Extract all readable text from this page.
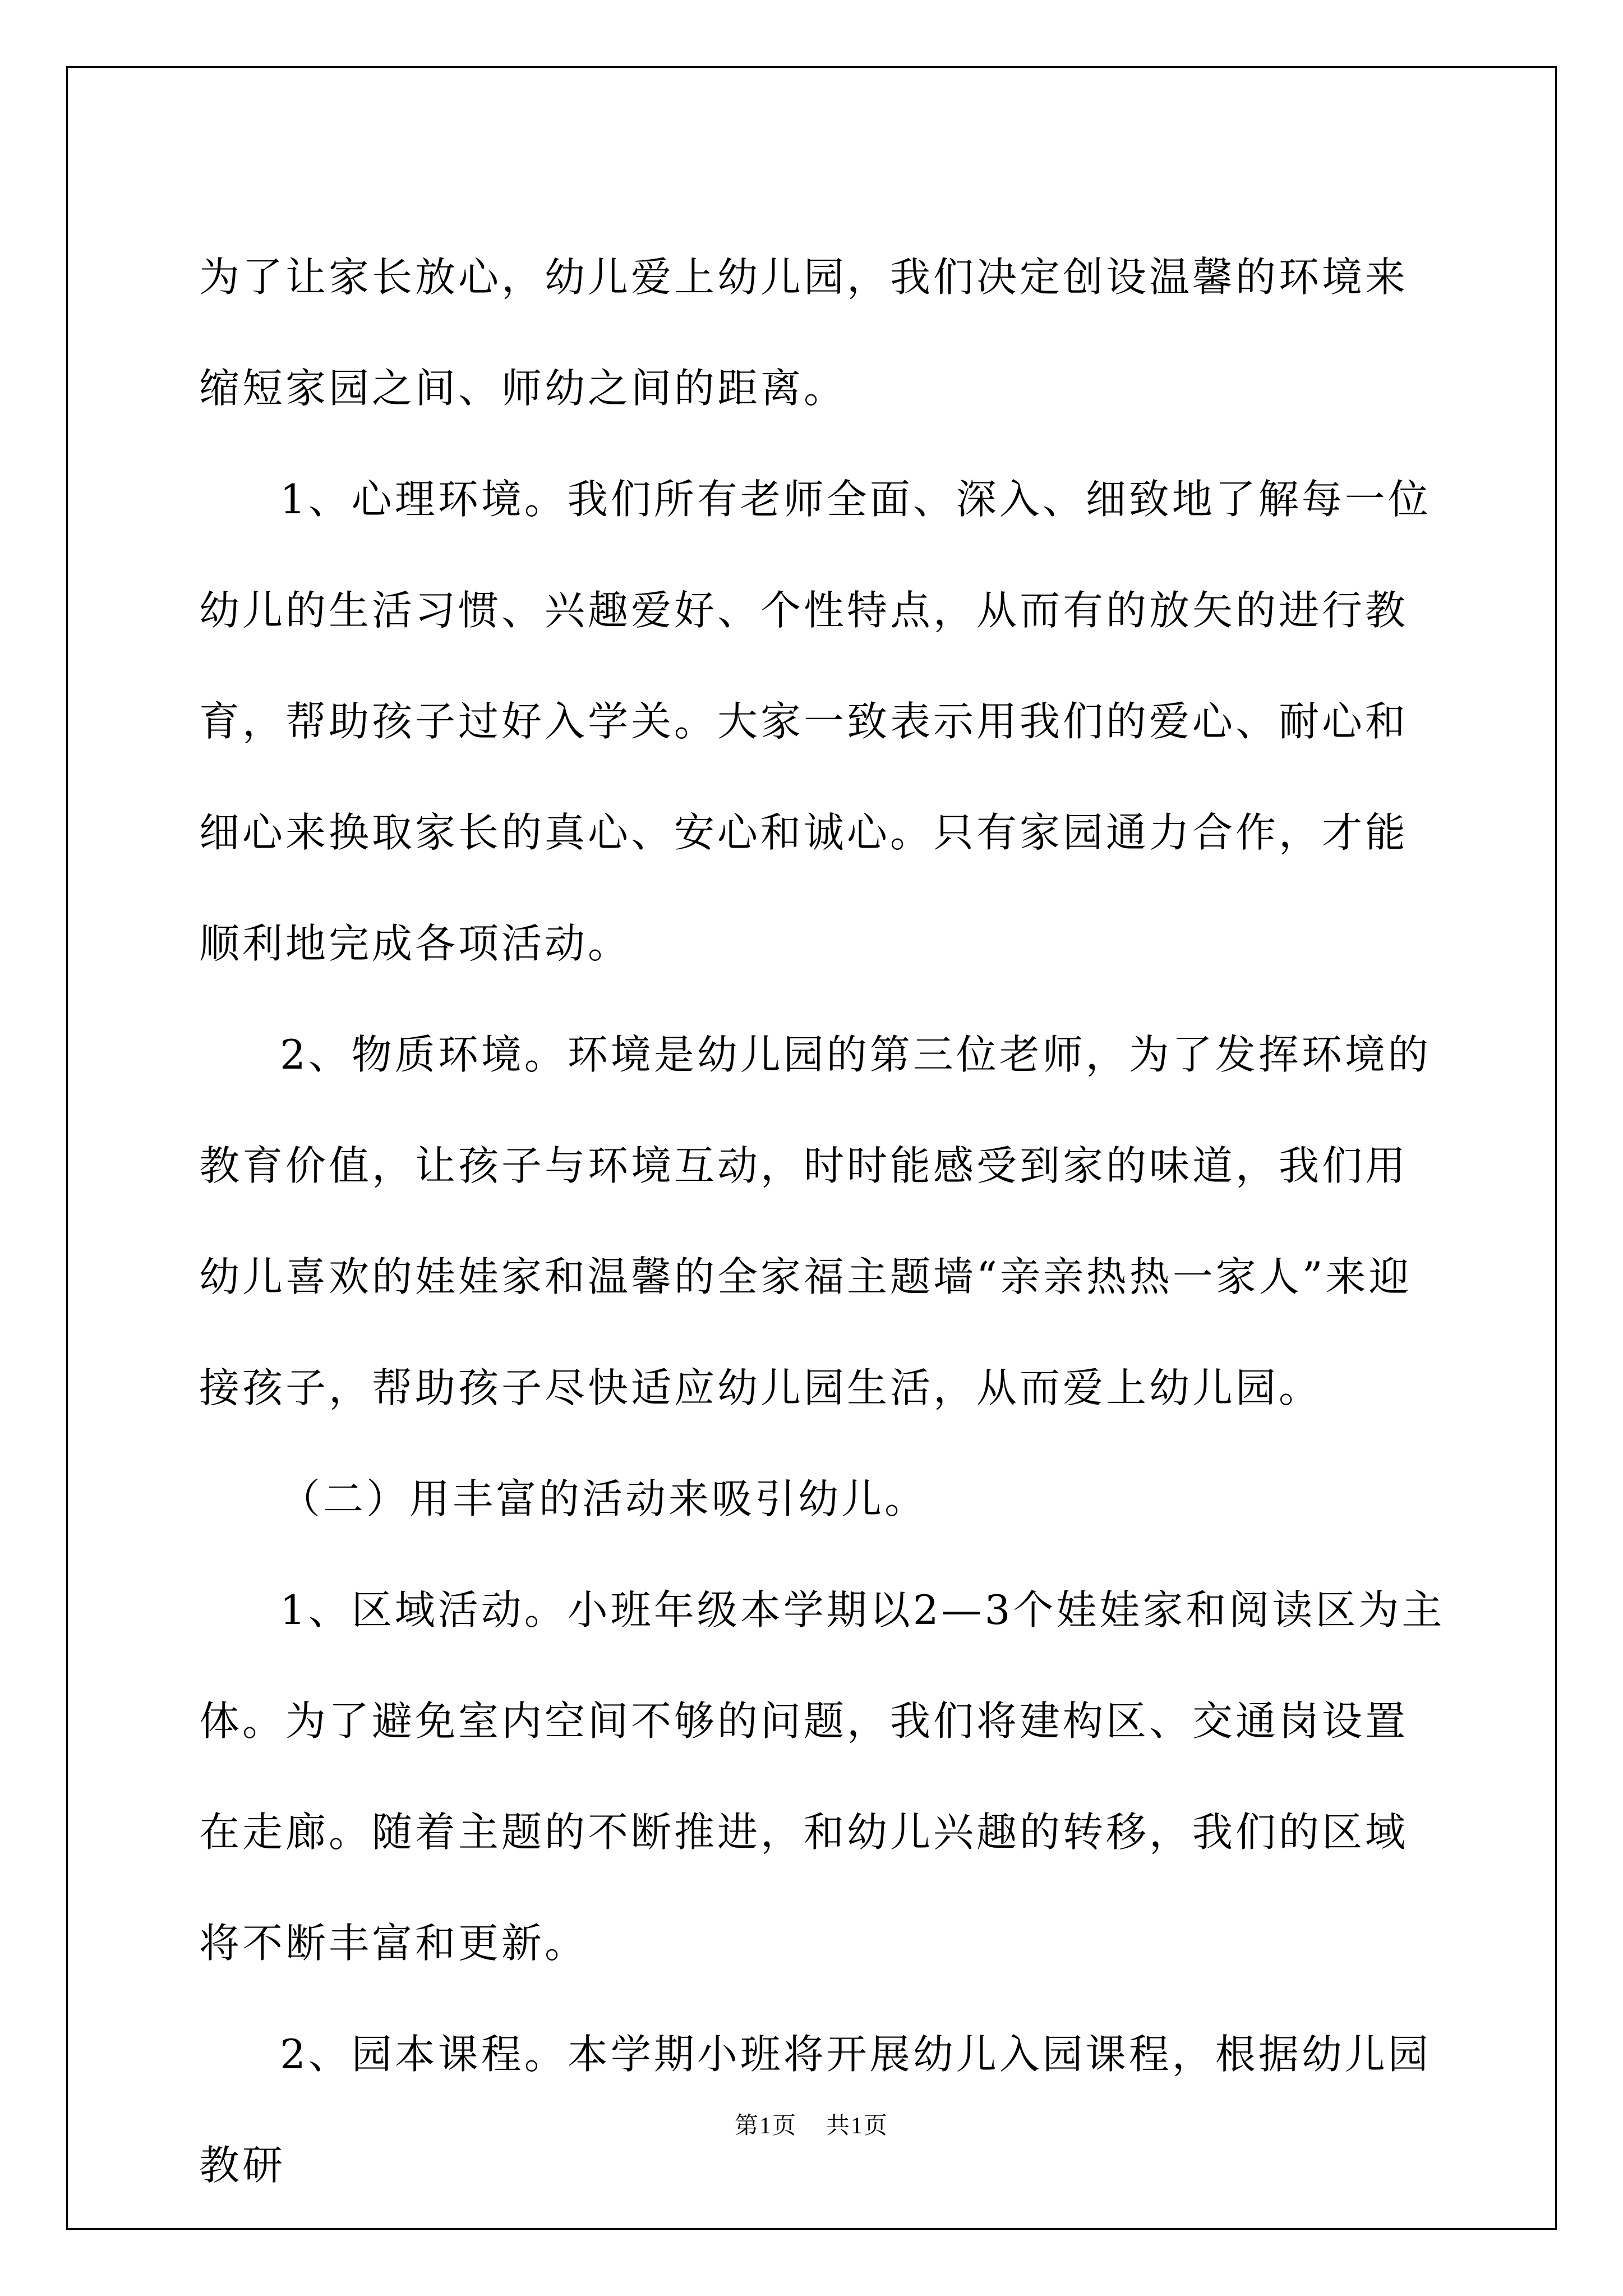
为了让家长放心，幼儿爱上幼儿园，我们决定创设温馨的环境来缩短家园之间、师幼之间的距离。

1、心理环境。我们所有老师全面、深入、细致地了解每一位幼儿的生活习惯、兴趣爱好、个性特点，从而有的放矢的进行教育，帮助孩子过好入学关。大家一致表示用我们的爱心、耐心和细心来换取家长的真心、安心和诚心。只有家园通力合作，才能顺利地完成各项活动。

2、物质环境。环境是幼儿园的第三位老师，为了发挥环境的教育价值，让孩子与环境互动，时时能感受到家的味道，我们用幼儿喜欢的娃娃家和温馨的全家福主题墙“亲亲热热一家人”来迎接孩子，帮助孩子尽快适应幼儿园生活，从而爱上幼儿园。

（二）用丰富的活动来吸引幼儿。

1、区域活动。小班年级本学期以2—3个娃娃家和阅读区为主体。为了避免室内空间不够的问题，我们将建构区、交通岗设置在走廊。随着主题的不断推进，和幼儿兴趣的转移，我们的区域将不断丰富和更新。

2、园本课程。本学期小班将开展幼儿入园课程，根据幼儿园教研

第1页 共1页
